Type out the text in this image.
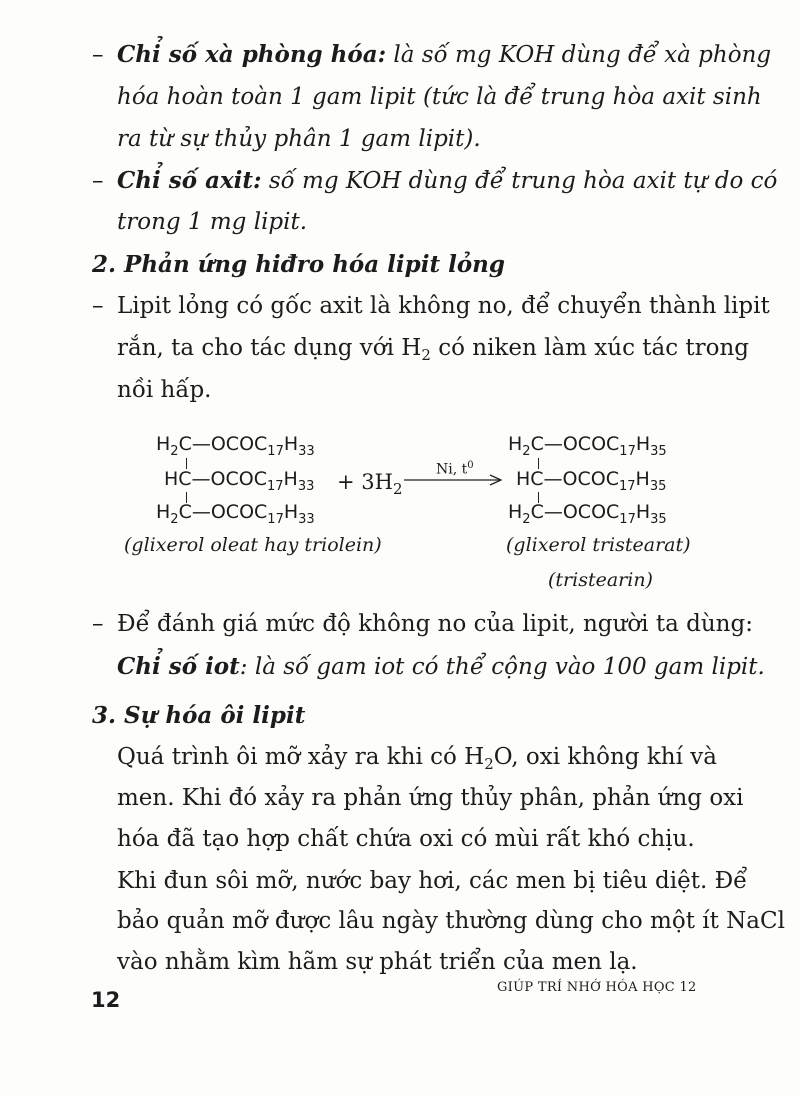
– Chỉ số xà phòng hóa: là số mg KOH dùng để xà phòng
hóa hoàn toàn 1 gam lipit (tức là để trung hòa axit sinh
ra từ sự thủy phân 1 gam lipit).
– Chỉ số axit: số mg KOH dùng để trung hòa axit tự do có
trong 1 mg lipit.
2. Phản ứng hiđro hóa lipit lỏng
– Lipit lỏng có gốc axit là không no, để chuyển thành lipit
rắn, ta cho tác dụng với $H_2$ có niken làm xúc tác trong
nồi hấp.
$H_2C—OCOC_{17}H_{33}$
$HC—OCOC_{17}H_{33}$
$H_2C—OCOC_{17}H_{33}$
+ $3H_2$
Ni, $t^0$
$H_2C—OCOC_{17}H_{35}$
$HC—OCOC_{17}H_{35}$
$H_2C—OCOC_{17}H_{35}$
(glixerol oleat hay triolein)	(glixerol tristearat)
(tristearin)
– Để đánh giá mức độ không no của lipit, người ta dùng:
Chỉ số iot: là số gam iot có thể cộng vào 100 gam lipit.
3. Sự hóa ôi lipit
Quá trình ôi mỡ xảy ra khi có $H_2O$, oxi không khí và
men. Khi đó xảy ra phản ứng thủy phân, phản ứng oxi
hóa đã tạo hợp chất chứa oxi có mùi rất khó chịu.
Khi đun sôi mỡ, nước bay hơi, các men bị tiêu diệt. Để
bảo quản mỡ được lâu ngày thường dùng cho một ít NaCl
vào nhằm kìm hãm sự phát triển của men lạ.
12
GIÚP TRÍ NHỚ HÓA HỌC 12
